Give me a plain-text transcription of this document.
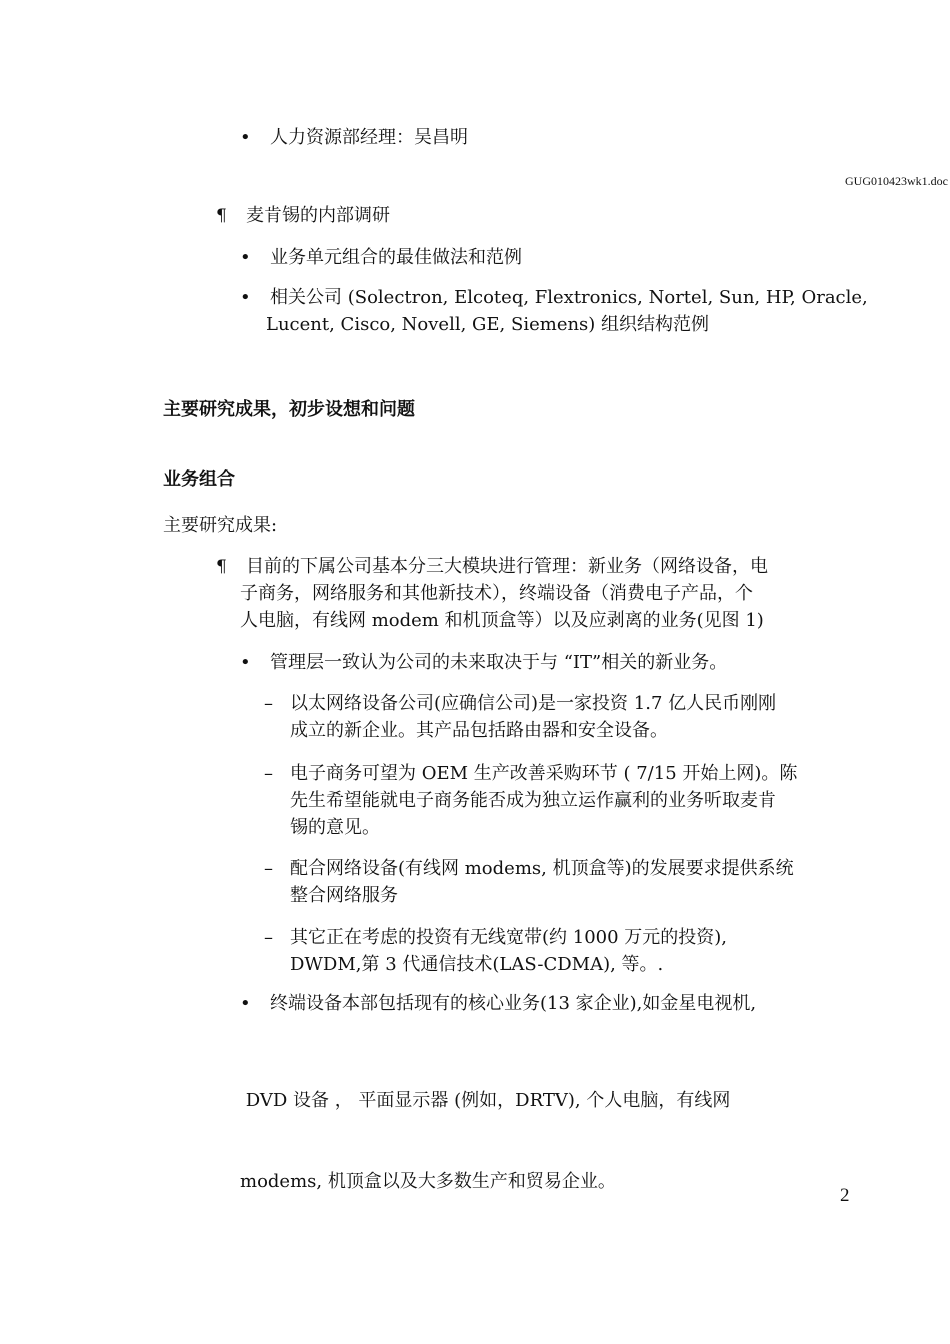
• 人力资源部经理：吴昌明
GUG010423wk1.doc
¶ 麦肯锡的内部调研
• 业务单元组合的最佳做法和范例
• 相关公司 (Solectron, Elcoteq, Flextronics, Nortel, Sun, HP, Oracle,
Lucent, Cisco, Novell, GE, Siemens) 组织结构范例
主要研究成果，初步设想和问题
业务组合
主要研究成果:
¶	目前的下属公司基本分三大模块进行管理：新业务（网络设备，电
子商务，网络服务和其他新技术），终端设备（消费电子产品，个
人电脑，有线网 modem 和机顶盒等）以及应剥离的业务(见图 1)
• 管理层一致认为公司的未来取决于与 “IT”相关的新业务。
– 以太网络设备公司(应确信公司)是一家投资 1.7 亿人民币刚刚
成立的新企业。其产品包括路由器和安全设备。
– 电子商务可望为 OEM 生产改善采购环节 ( 7/15 开始上网)。陈
先生希望能就电子商务能否成为独立运作赢利的业务听取麦肯
锡的意见。
– 配合网络设备(有线网 modems, 机顶盒等)的发展要求提供系统
整合网络服务
– 其它正在考虑的投资有无线宽带(约 1000 万元的投资),
DWDM,第 3 代通信技术(LAS-CDMA), 等。.
• 终端设备本部包括现有的核心业务(13 家企业),如金星电视机,

DVD 设备 ， 平面显示器 (例如，DRTV), 个人电脑，有线网

modems, 机顶盒以及大多数生产和贸易企业。

2
